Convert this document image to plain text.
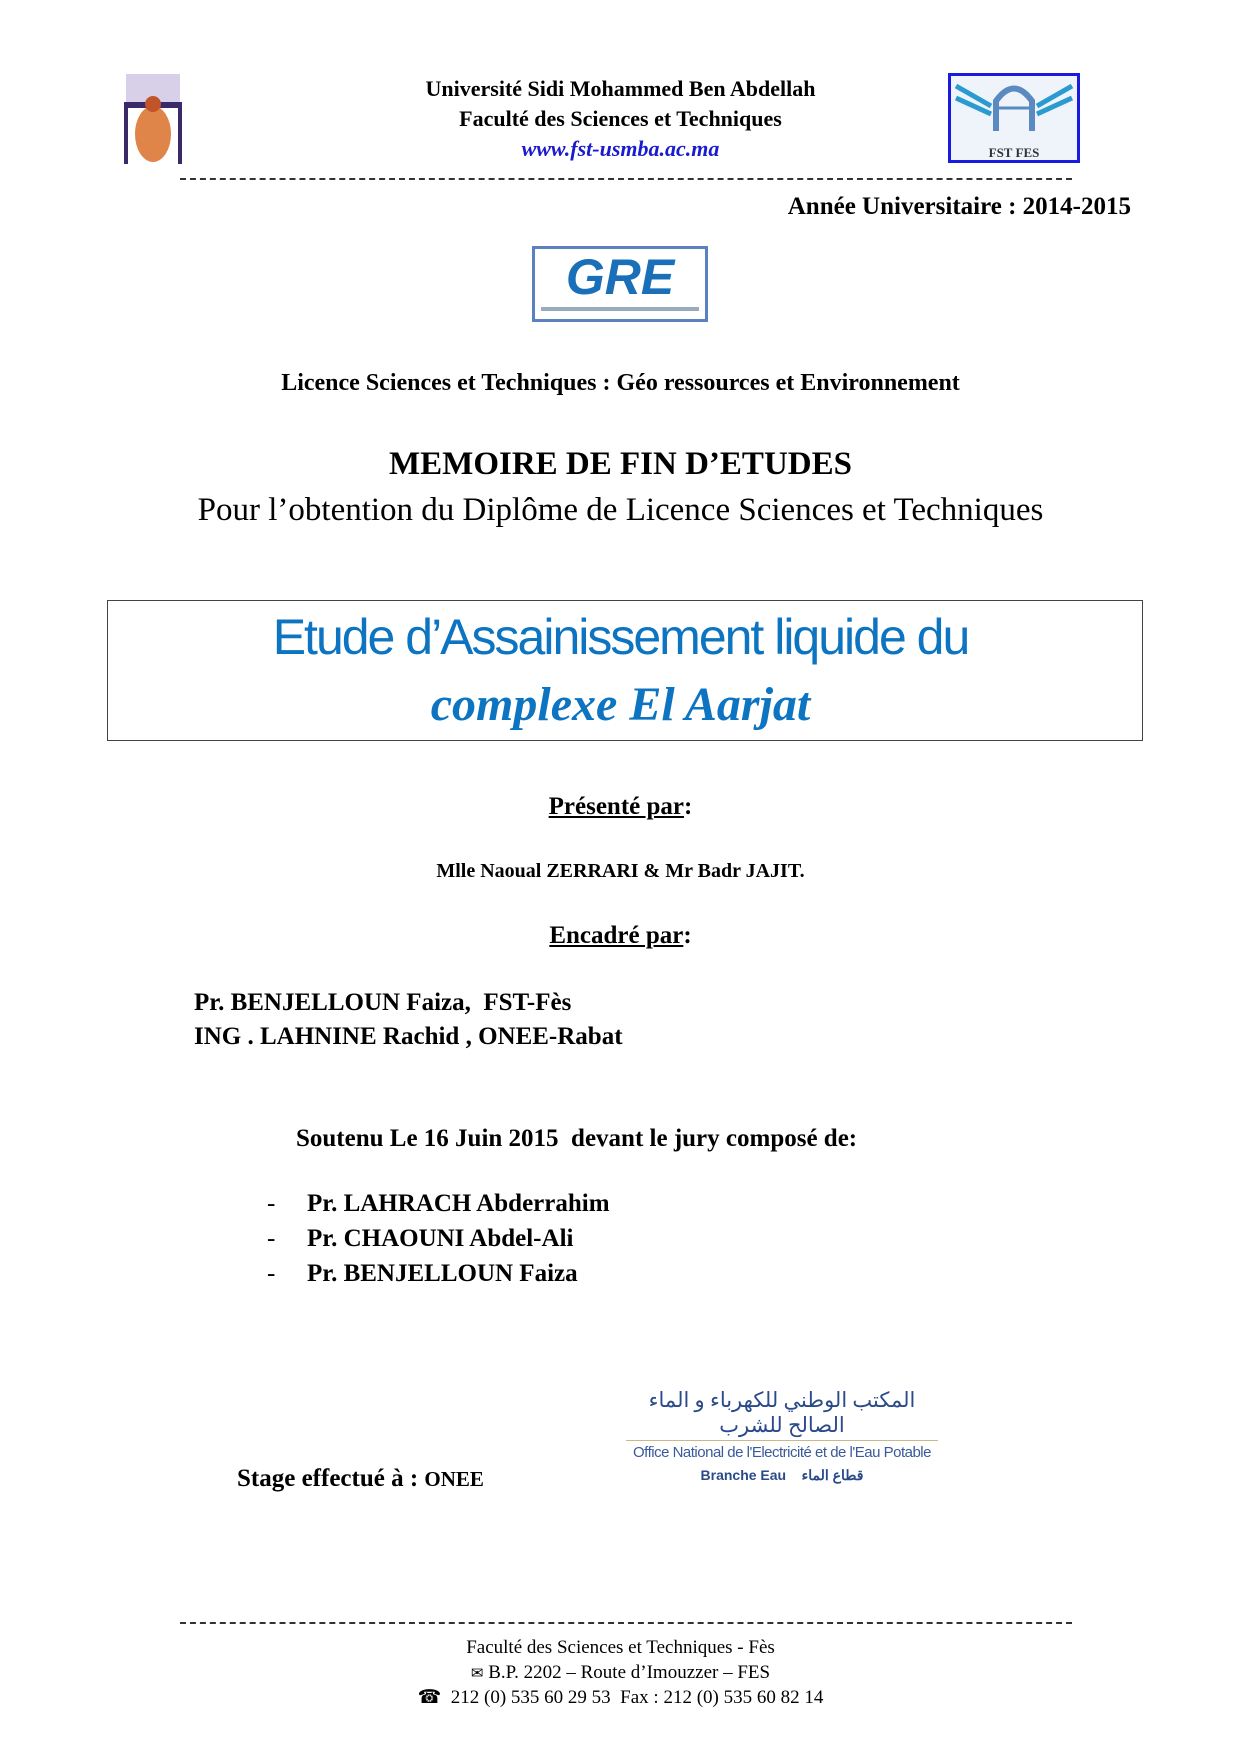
Université Sidi Mohammed Ben Abdellah
Faculté des Sciences et Techniques
www.fst-usmba.ac.ma	FST FES
Année Universitaire : 2014-2015
GRE
Licence Sciences et Techniques : Géo ressources et Environnement
MEMOIRE DE FIN D’ETUDES
Pour l’obtention du Diplôme de Licence Sciences et Techniques
Etude d’Assainissement liquide du
complexe El Aarjat
Présenté par:
Mlle Naoual ZERRARI & Mr Badr JAJIT.
Encadré par:
Pr. BENJELLOUN Faiza,  FST-Fès
ING . LAHNINE Rachid , ONEE-Rabat
Soutenu Le 16 Juin 2015  devant le jury composé de:
- Pr. LAHRACH Abderrahim
- Pr. CHAOUNI Abdel-Ali
- Pr. BENJELLOUN Faiza
المكتب الوطني للكهرباء و الماء الصالح للشرب
Office National de l'Electricité et de l'Eau Potable
Branche Eau قطاع الماء
Stage effectué à : ONEE
Faculté des Sciences et Techniques - Fès
✉ B.P. 2202 – Route d’Imouzzer – FES
☎ 212 (0) 535 60 29 53  Fax : 212 (0) 535 60 82 14
